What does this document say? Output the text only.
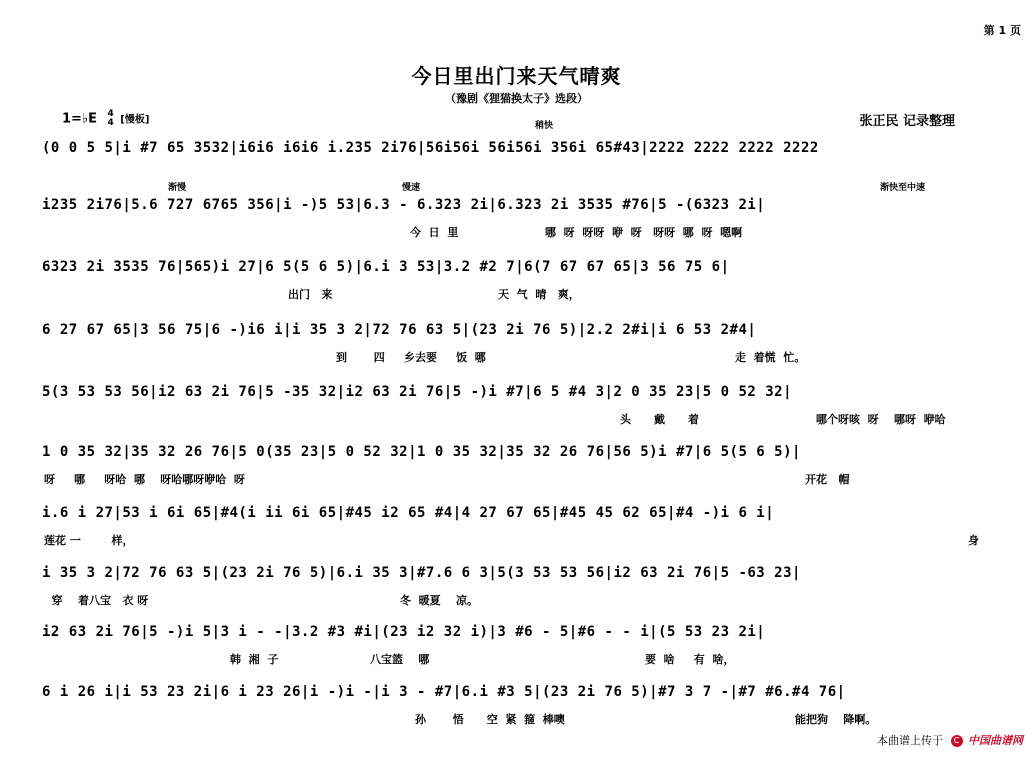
第 1 页
今日里出门来天气晴爽
（豫剧《狸猫换太子》选段）
1=♭E 4
4 [慢板]	张正民 记录整理
稍快
渐慢	慢速	渐快至中速
(0 0 5 5|i #7 65 3532|i6i6 i6i6 i.235 2i76|56i56i 56i56i 356i 65#43|2222 2222 2222 2222
i235 2i76|5.6 727 6765 356|i -)5 53|6.3 - 6.323 2i|6.323 2i 3535 #76|5 -(6323 2i|
今  日  里	哪  呀  呀呀  咿  呀   呀呀  哪  呀  嗯啊
6323 2i 3535 76|565)i 27|6 5(5 6 5)|6.i 3 53|3.2 #2 7|6(7 67 67 65|3 56 75 6|
出门   来	天  气  晴   爽，
6 27 67 65|3 56 75|6 -)i6 i|i 35 3 2|72 76 63 5|(23 2i 76 5)|2.2 2#i|i 6 53 2#4|
到       四     乡去要     饭  哪	走  着慌  忙。
5(3 53 53 56|i2 63 2i 76|5 -35 32|i2 63 2i 76|5 -)i #7|6 5 #4 3|2 0 35 23|5 0 52 32|
头      戴      着	哪个呀咳  呀    哪呀  咿哈
1 0 35 32|35 32 26 76|5 0(35 23|5 0 52 32|1 0 35 32|35 32 26 76|56 5)i #7|6 5(5 6 5)|
呀     哪     呀哈  哪    呀哈哪呀咿哈  呀	开花   帽
i.6 i 27|53 i 6i 65|#4(i ii 6i 65|#45 i2 65 #4|4 27 67 65|#45 45 62 65|#4 -)i 6 i|
莲花 一        样，	身
i 35 3 2|72 76 63 5|(23 2i 76 5)|6.i 35 3|#7.6 6 3|5(3 53 53 56|i2 63 2i 76|5 -63 23|
穿    着八宝   衣 呀	冬  暖夏    凉。
i2 63 2i 76|5 -)i 5|3 i - -|3.2 #3 #i|(23 i2 32 i)|3 #6 - 5|#6 - - i|(5 53 23 2i|
韩  湘  子	八宝篮    哪	要  啥     有  啥，
6 i 26 i|i 53 23 2i|6 i 23 26|i -)i -|i 3 - #7|6.i #3 5|(23 2i 76 5)|#7 3 7 -|#7 #6.#4 76|
孙       悟      空  紧  箍  棒噢	能把狗    降啊。
本曲谱上传于 C 中国曲谱网
